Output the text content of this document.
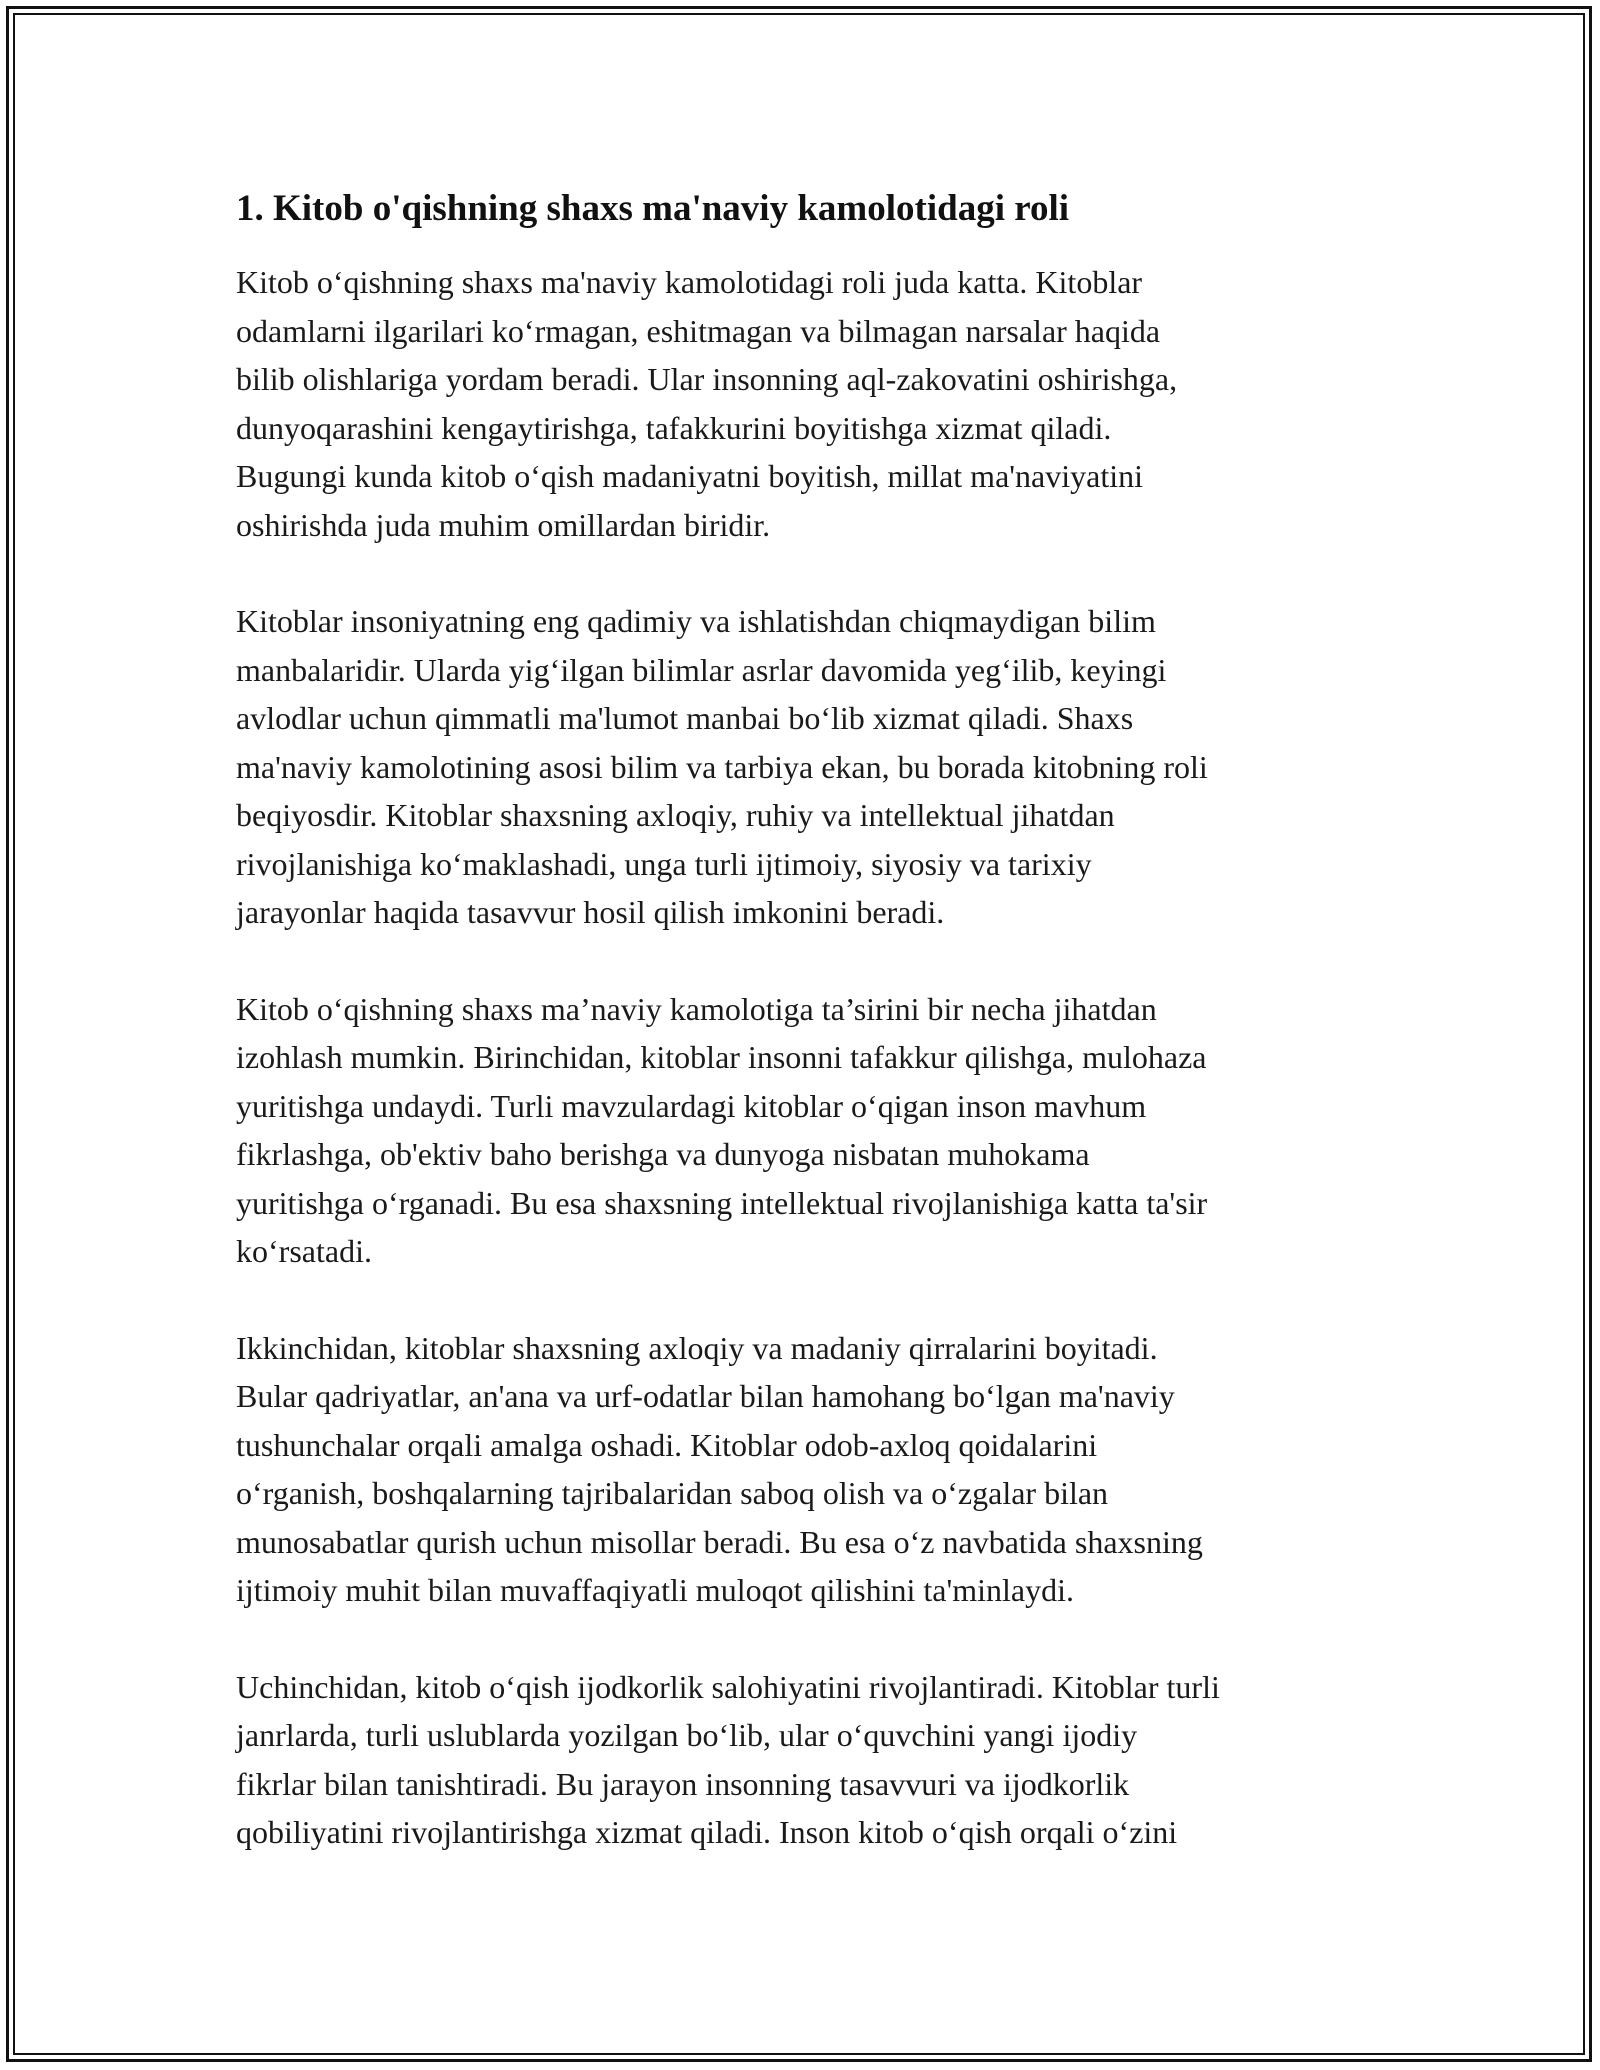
1. Kitob o'qishning shaxs ma'naviy kamolotidagi roli

Kitob oʻqishning shaxs ma'naviy kamolotidagi roli juda katta. Kitoblar
odamlarni ilgarilari koʻrmagan, eshitmagan va bilmagan narsalar haqida
bilib olishlariga yordam beradi. Ular insonning aql-zakovatini oshirishga,
dunyoqarashini kengaytirishga, tafakkurini boyitishga xizmat qiladi.
Bugungi kunda kitob oʻqish madaniyatni boyitish, millat ma'naviyatini
oshirishda juda muhim omillardan biridir.

Kitoblar insoniyatning eng qadimiy va ishlatishdan chiqmaydigan bilim
manbalaridir. Ularda yigʻilgan bilimlar asrlar davomida yegʻilib, keyingi
avlodlar uchun qimmatli ma'lumot manbai boʻlib xizmat qiladi. Shaxs
ma'naviy kamolotining asosi bilim va tarbiya ekan, bu borada kitobning roli
beqiyosdir. Kitoblar shaxsning axloqiy, ruhiy va intellektual jihatdan
rivojlanishiga koʻmaklashadi, unga turli ijtimoiy, siyosiy va tarixiy
jarayonlar haqida tasavvur hosil qilish imkonini beradi.

Kitob oʻqishning shaxs ma’naviy kamolotiga ta’sirini bir necha jihatdan
izohlash mumkin. Birinchidan, kitoblar insonni tafakkur qilishga, mulohaza
yuritishga undaydi. Turli mavzulardagi kitoblar oʻqigan inson mavhum
fikrlashga, ob'ektiv baho berishga va dunyoga nisbatan muhokama
yuritishga oʻrganadi. Bu esa shaxsning intellektual rivojlanishiga katta ta'sir
koʻrsatadi.

Ikkinchidan, kitoblar shaxsning axloqiy va madaniy qirralarini boyitadi.
Bular qadriyatlar, an'ana va urf-odatlar bilan hamohang boʻlgan ma'naviy
tushunchalar orqali amalga oshadi. Kitoblar odob-axloq qoidalarini
oʻrganish, boshqalarning tajribalaridan saboq olish va oʻzgalar bilan
munosabatlar qurish uchun misollar beradi. Bu esa oʻz navbatida shaxsning
ijtimoiy muhit bilan muvaffaqiyatli muloqot qilishini ta'minlaydi.

Uchinchidan, kitob oʻqish ijodkorlik salohiyatini rivojlantiradi. Kitoblar turli
janrlarda, turli uslublarda yozilgan boʻlib, ular oʻquvchini yangi ijodiy
fikrlar bilan tanishtiradi. Bu jarayon insonning tasavvuri va ijodkorlik
qobiliyatini rivojlantirishga xizmat qiladi. Inson kitob oʻqish orqali oʻzini
